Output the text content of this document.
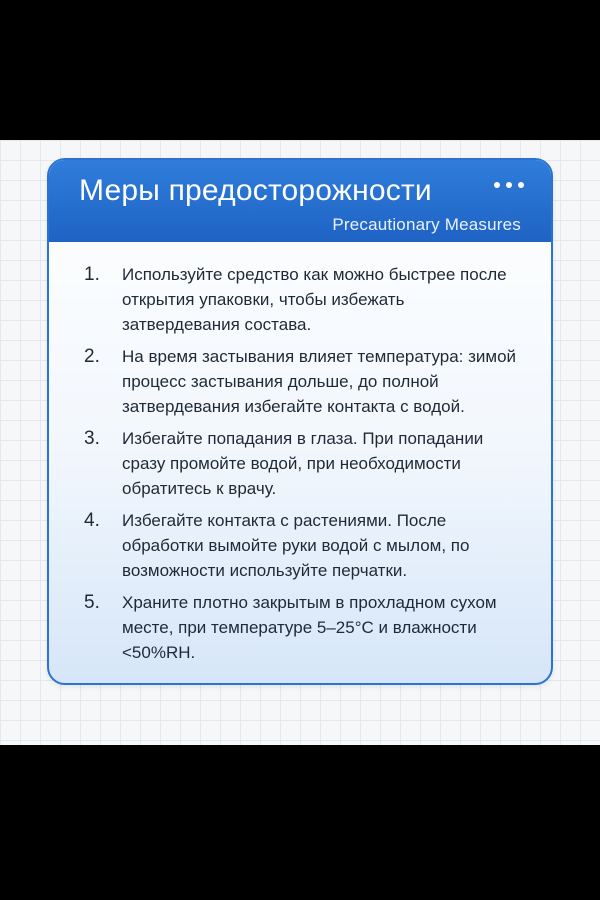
Меры предосторожности
Precautionary Measures
1. Используйте средство как можно быстрее после открытия упаковки, чтобы избежать затвердевания состава.
2. На время застывания влияет температура: зимой процесс застывания дольше, до полной затвердевания избегайте контакта с водой.
3. Избегайте попадания в глаза. При попадании сразу промойте водой, при необходимости обратитесь к врачу.
4. Избегайте контакта с растениями. После обработки вымойте руки водой с мылом, по возможности используйте перчатки.
5. Храните плотно закрытым в прохладном сухом месте, при температуре 5–25°C и влажности <50%RH.
